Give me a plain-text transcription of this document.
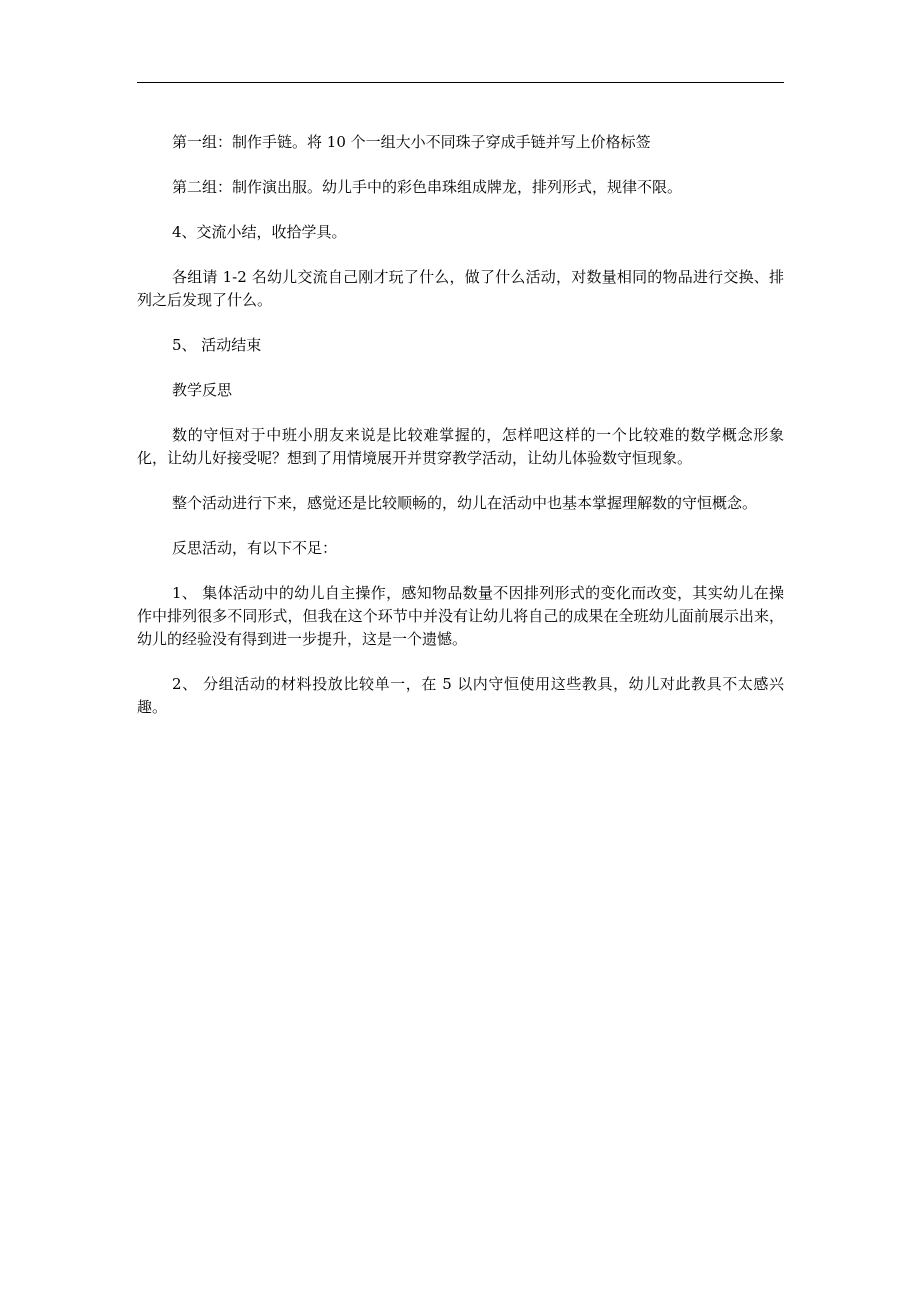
第一组：制作手链。将 10 个一组大小不同珠子穿成手链并写上价格标签

第二组：制作演出服。幼儿手中的彩色串珠组成牌龙，排列形式，规律不限。

4、交流小结，收拾学具。

各组请 1-2 名幼儿交流自己刚才玩了什么，做了什么活动，对数量相同的物品进行交换、排列之后发现了什么。

5、 活动结束

教学反思

数的守恒对于中班小朋友来说是比较难掌握的，怎样吧这样的一个比较难的数学概念形象化，让幼儿好接受呢？想到了用情境展开并贯穿教学活动，让幼儿体验数守恒现象。

整个活动进行下来，感觉还是比较顺畅的，幼儿在活动中也基本掌握理解数的守恒概念。

反思活动，有以下不足：

1、 集体活动中的幼儿自主操作，感知物品数量不因排列形式的变化而改变，其实幼儿在操作中排列很多不同形式，但我在这个环节中并没有让幼儿将自己的成果在全班幼儿面前展示出来，幼儿的经验没有得到进一步提升，这是一个遗憾。

2、 分组活动的材料投放比较单一，在 5 以内守恒使用这些教具，幼儿对此教具不太感兴趣。
